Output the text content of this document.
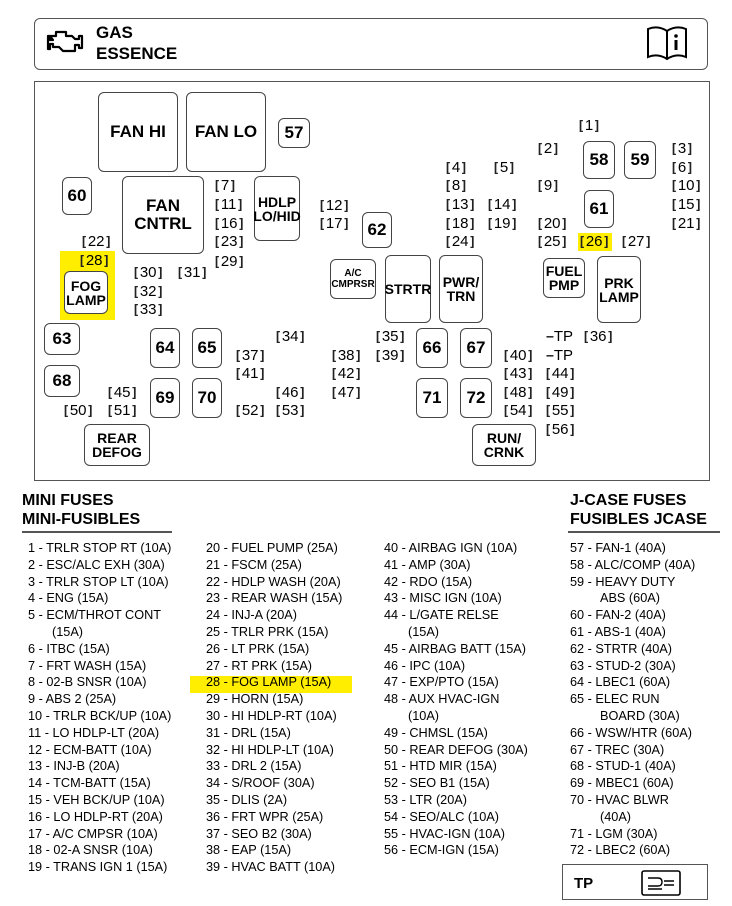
GAS
ESSENCE
FAN HI	FAN LO	57
58	59
60
FAN
CNTRL
HDLP
LO/HID
62
61
FUEL
PMP	PRK
LAMP
FOG
LAMP
A/C
CMPRSR STRTR PWR/
TRN
63	64	65	66	67
68
69	70	71	72
REAR
DEFOG
RUN/
CRNK
[1]
[2]	[3]
[4] [5]	[6]
[7]	[8]	[9]	[10]
[11]	[12]	[13] [14]	[15]
[16]	[17]	[18] [19] [20]	[21]
[22]	[23]	[24]	[25] [26] [27]
[28]	[29]
[30] [31]
[32]
[33]
[34]	[35]	[36]
[37]	[38] [39]	[40]
[41]	[42]	[43] [44]
[45]	[46] [47]	[48] [49]
[50] [51]	[52] [53]	[54] [55]
[56]
−TP
−TP
MINI FUSES
MINI-FUSIBLES
J-CASE FUSES
FUSIBLES JCASE
1 - TRLR STOP RT (10A)
2 - ESC/ALC EXH (30A)
3 - TRLR STOP LT (10A)
4 - ENG (15A)
5 - ECM/THROT CONT
(15A)
6 - ITBC (15A)
7 - FRT WASH (15A)
8 - 02-B SNSR (10A)
9 - ABS 2 (25A)
10 - TRLR BCK/UP (10A)
11 - LO HDLP-LT (20A)
12 - ECM-BATT (10A)
13 - INJ-B (20A)
14 - TCM-BATT (15A)
15 - VEH BCK/UP (10A)
16 - LO HDLP-RT (20A)
17 - A/C CMPSR (10A)
18 - 02-A SNSR (10A)
19 - TRANS IGN 1 (15A)
20 - FUEL PUMP (25A)
21 - FSCM (25A)
22 - HDLP WASH (20A)
23 - REAR WASH (15A)
24 - INJ-A (20A)
25 - TRLR PRK (15A)
26 - LT PRK (15A)
27 - RT PRK (15A)
28 - FOG LAMP (15A)
29 - HORN (15A)
30 - HI HDLP-RT (10A)
31 - DRL (15A)
32 - HI HDLP-LT (10A)
33 - DRL 2 (15A)
34 - S/ROOF (30A)
35 - DLIS (2A)
36 - FRT WPR (25A)
37 - SEO B2 (30A)
38 - EAP (15A)
39 - HVAC BATT (10A)
40 - AIRBAG IGN (10A)
41 - AMP (30A)
42 - RDO (15A)
43 - MISC IGN (10A)
44 - L/GATE RELSE
(15A)
45 - AIRBAG BATT (15A)
46 - IPC (10A)
47 - EXP/PTO (15A)
48 - AUX HVAC-IGN
(10A)
49 - CHMSL (15A)
50 - REAR DEFOG (30A)
51 - HTD MIR (15A)
52 - SEO B1 (15A)
53 - LTR (20A)
54 - SEO/ALC (10A)
55 - HVAC-IGN (10A)
56 - ECM-IGN (15A)
57 - FAN-1 (40A)
58 - ALC/COMP (40A)
59 - HEAVY DUTY
ABS (60A)
60 - FAN-2 (40A)
61 - ABS-1 (40A)
62 - STRTR (40A)
63 - STUD-2 (30A)
64 - LBEC1 (60A)
65 - ELEC RUN
BOARD (30A)
66 - WSW/HTR (60A)
67 - TREC (30A)
68 - STUD-1 (40A)
69 - MBEC1 (60A)
70 - HVAC BLWR
(40A)
71 - LGM (30A)
72 - LBEC2 (60A)
TP
